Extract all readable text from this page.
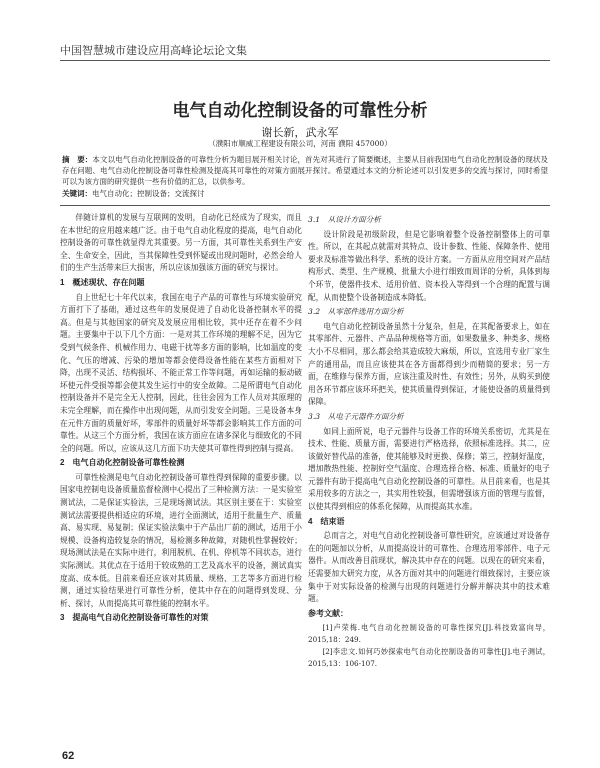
中国智慧城市建设应用高峰论坛论文集
电气自动化控制设备的可靠性分析
谢长新，武永军
（濮阳市顺威工程建设有限公司，河南 濮阳 457000）
摘　要：本文以电气自动化控制设备的可靠性分析为题目展开相关讨论，首先对其进行了简要概述，主要从目前我国电气自动化控制设备的现状及存在问题、电气自动化控制设备可靠性检测及提高其可靠性的对策方面展开探讨。希望通过本文的分析论述可以引发更多的交流与探讨，同时希望可以为该方面的研究提供一些有价值的汇总，以供参考。
关键词：电气自动化；控制设备；交流探讨

伴随计算机的发展与互联网的发明，自动化已经成为了现实，而且在本世纪的应用越来越广泛。由于电气自动化程度的提高，电气自动化控制设备的可靠性就显得尤其重要。另一方面，其可靠性关系到生产安全、生命安全，因此，当其保障性受到怀疑或出现问题时，必然会给人们的生产生活带来巨大损害，所以应该加强该方面的研究与探讨。

1　概述现状、存在问题

自上世纪七十年代以来，我国在电子产品的可靠性与环境实验研究方面打下了基础，通过这些年的发展促进了自动化设备控制水平的提高。但是与其他国家的研究及发展应用相比较，其中还存在着不少问题。主要集中于以下几个方面：一是对其工作环境的理解不足，因为它受到气候条件、机械作用力、电磁干扰等多方面的影响，比如温度的变化、气压的增减、污染的增加等都会使得设备性能在某些方面相对下降，出现不灵活、结构损坏、不能正常工作等问题，再如运输的振动破坏使元件受损等都会使其发生运行中的安全故障。二是所谓电气自动化控制设备并不是完全无人控制，因此，往往会因为工作人员对其原理的未完全理解，而在操作中出现问题，从而引发安全问题。三是设备本身在元件方面的质量好坏，零部件的质量好坏等都会影响其工作方面的可靠性。从这三个方面分析，我国在该方面应在诸多深化与细致化的不同全的问题。所以，应该从这几方面下功夫使其可靠性得到控制与提高。

2　电气自动化控制设备可靠性检测

可靠性检测是电气自动化控制设备可靠性得到保障的重要步骤。以国家电控制电设备质量监督检测中心提出了三种检测方法：一是实验室测试法，二是保证实验法，三是现场测试法。其区别主要在于：实验室测试法需要提供相适应的环境，进行全面测试，适用于批量生产、质量高、易实现、易复制；保证实验法集中于产品出厂前的测试，适用于小规模、设备构造较复杂的情况，易检测多种故障，对随机性掌握较好；现场测试法是在实际中进行，利用脱机、在机、停机等不同状态，进行实际测试。其优点在于适用于较成熟的工艺及高水平的设备，测试真实度高、成本低。目前来看还应该对其质量、规格、工艺等多方面进行检测，通过实验结果进行可靠性分析，使其中存在的问题得到发现、分析、探讨，从而提高其可靠性能的控制水平。

3　提高电气自动化控制设备可靠性的对策
3.1　从设计方面分析

设计阶段是初级阶段，但是它影响着整个设备控制整体上的可靠性。所以，在其起点就需对其特点、设计参数、性能、保障条件、使用要求及标准等做出科学、系统的设计方案。一方面从应用空间对产品结构形式、类型、生产规模、批量大小进行细致而周详的分析，具体到每个环节，使器件技术、适用价值、资本投入等得到一个合理的配置与调配，从而使整个设备制造成本降低。

3.2　从零部件选用方面分析

电气自动化控制设备虽然十分复杂，但是，在其配备要求上，如在其零部件、元器件、产品品种规格等方面，如果数量多、种类多、规格大小不尽相同，那么都会给其造成较大麻烦，所以，宜选用专业厂家生产的通用品，而且应该使其在各方面都得到少而精简的要求；另一方面，在维修与保养方面，应该注重及时性、有效性；另外，从购买到使用各环节都应该环环把关，使其质量得到保证，才能使设备的质量得到保障。

3.3　从电子元器件方面分析

如同上面所说，电子元器件与设备工作的环境关系密切，尤其是在技术、性能、质量方面，需要进行严格选择，依照标准选择。其二，应该做好替代品的准备，使其能够及时更换、保修；第三，控制好温度，增加散热性能、控制好空气温度、合理选择合格、标准、质量好的电子元器件有助于提高电气自动化控制设备的可靠性。从目前来看，也是其采用较多的方法之一，其实用性较强，但需增强该方面的管理与监督，以使其得到相应的体系化保障，从而提高其水准。

4　结束语

总而言之，对电气自动化控制设备可靠性研究，应该通过对设备存在的问题加以分析，从而提高设计的可靠性、合理选用零部件、电子元器件。从而改善目前现状，解决其中存在的问题。以现在的研究来看，还需要加大研究力度，从各方面对其中的问题进行细致探讨，主要应该集中于对实际设备的检测与出现的问题进行分解并解决其中的技术难题。

参考文献：

[1]卢荣梅.电气自动化控制设备的可靠性探究[J].科技致富向导，2015,18：249.

[2]李忠文.如何巧妙探索电气自动化控制设备的可靠性[J].电子测试，2015,13：106-107.

62
